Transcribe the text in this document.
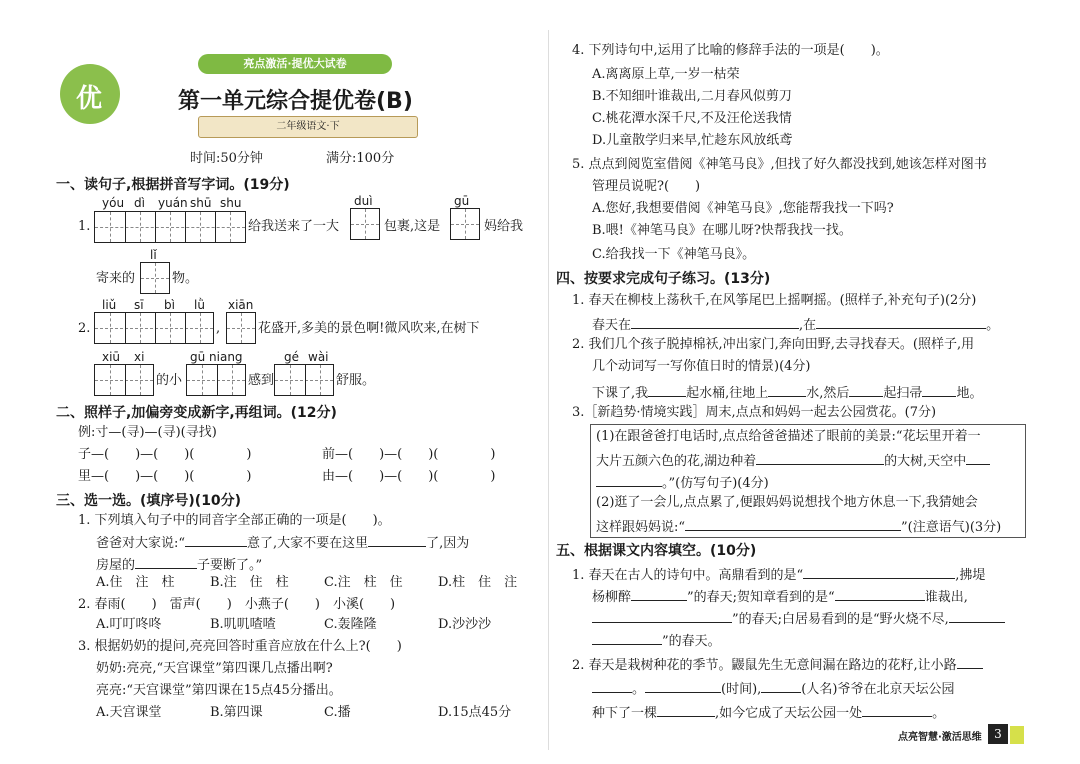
优
亮点激活·提优大试卷
第一单元综合提优卷(B)
二年级语文·下
时间:50分钟	满分:100分
一、读句子,根据拼音写字词。(19分)
yóu dì yuán shū shu	duì	gū
1.	给我送来了一大	包裹,这是	妈给我
lǐ
寄来的	物。
liǔ sī bì lǜ xiān
2.	,	花盛开,多美的景色啊!微风吹来,在树下
xiū xi	gū niang	gé wài
的小	感到	舒服。
二、照样子,加偏旁变成新字,再组词。(12分)
例:寸—(寻)—(寻)(寻找)
子—(　　)—(　　)(　　　　)	前—(　　)—(　　)(　　　　)
里—(　　)—(　　)(　　　　)	由—(　　)—(　　)(　　　　)
三、选一选。(填序号)(10分)
1. 下列填入句子中的同音字全部正确的一项是(　　)。
爸爸对大家说:“	意了,大家不要在这里	了,因为
房屋的	子要断了。”
A.住　注　柱	B.注　住　柱	C.注　柱　住	D.柱　住　注
2. 春雨(　　)　雷声(　　)　小燕子(　　)　小溪(　　)
A.叮叮咚咚	B.叽叽喳喳	C.轰隆隆	D.沙沙沙
3. 根据奶奶的提问,亮亮回答时重音应放在什么上?(　　)
奶奶:亮亮,“天宫课堂”第四课几点播出啊?
亮亮:“天宫课堂”第四课在15点45分播出。
A.天宫课堂	B.第四课	C.播	D.15点45分
4. 下列诗句中,运用了比喻的修辞手法的一项是(　　)。
A.离离原上草,一岁一枯荣
B.不知细叶谁裁出,二月春风似剪刀
C.桃花潭水深千尺,不及汪伦送我情
D.儿童散学归来早,忙趁东风放纸鸢
5. 点点到阅览室借阅《神笔马良》,但找了好久都没找到,她该怎样对图书
管理员说呢?(　　)
A.您好,我想要借阅《神笔马良》,您能帮我找一下吗?
B.喂!《神笔马良》在哪儿呀?快帮我找一找。
C.给我找一下《神笔马良》。
四、按要求完成句子练习。(13分)
1. 春天在柳枝上荡秋千,在风筝尾巴上摇啊摇。(照样子,补充句子)(2分)
春天在	,在	。
2. 我们几个孩子脱掉棉袄,冲出家门,奔向田野,去寻找春天。(照样子,用
几个动词写一写你值日时的情景)(4分)
下课了,我	起水桶,往地上	水,然后	起扫帚	地。
3.［新趋势·情境实践］周末,点点和妈妈一起去公园赏花。(7分)
(1)在跟爸爸打电话时,点点给爸爸描述了眼前的美景:“花坛里开着一
大片五颜六色的花,湖边种着	的大树,天空中
。”(仿写句子)(4分)
(2)逛了一会儿,点点累了,便跟妈妈说想找个地方休息一下,我猜她会
这样跟妈妈说:“	”(注意语气)(3分)
五、根据课文内容填空。(10分)
1. 春天在古人的诗句中。高鼎看到的是“	,拂堤
杨柳醉	”的春天;贺知章看到的是“	谁裁出,
”的春天;白居易看到的是“野火烧不尽,
”的春天。
2. 春天是栽树种花的季节。鼹鼠先生无意间漏在路边的花籽,让小路
。	(时间),	(人名)爷爷在北京天坛公园
种下了一棵	,如今它成了天坛公园一处	。
点亮智慧·激活思维	3
